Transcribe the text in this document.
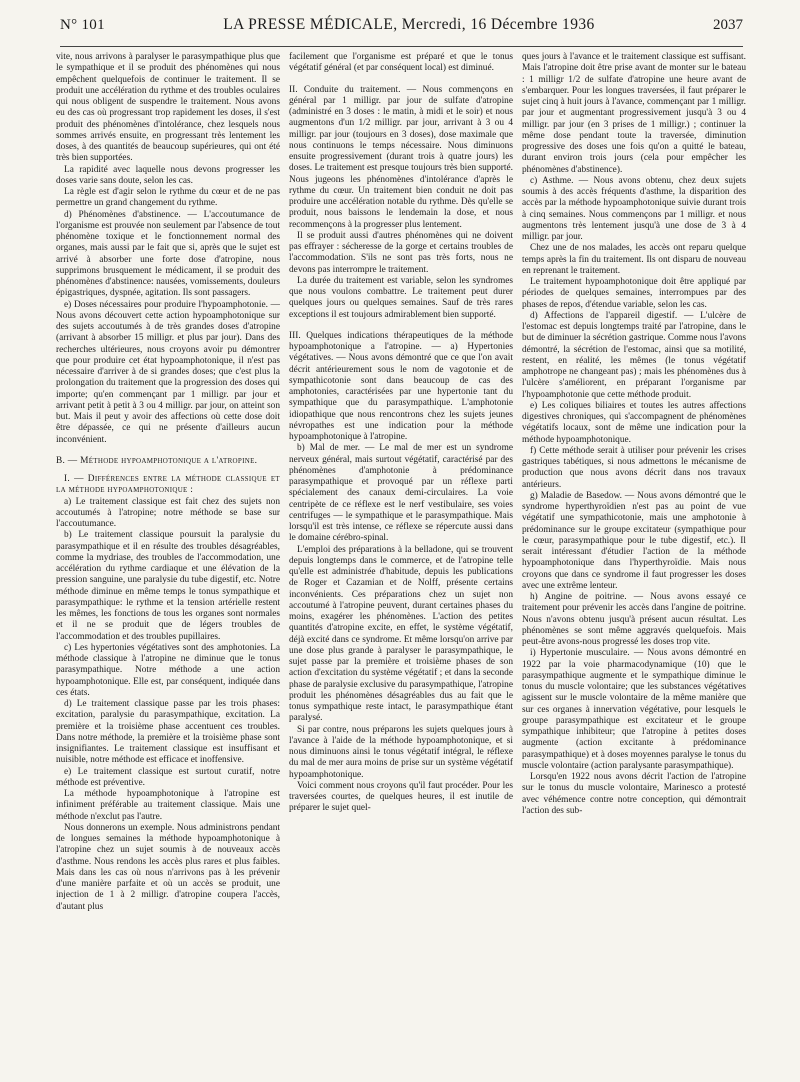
N° 101	LA PRESSE MÉDICALE, Mercredi, 16 Décembre 1936	2037

vite, nous arrivons à paralyser le parasympathique plus que le sympathique et il se produit des phénomènes qui nous empêchent quelquefois de continuer le traitement. Il se produit une accélération du rythme et des troubles oculaires qui nous obligent de suspendre le traitement. Nous avons eu des cas où progressant trop rapidement les doses, il s'est produit des phénomènes d'intolérance, chez lesquels nous sommes arrivés ensuite, en progressant très lentement les doses, à des quantités de beaucoup supérieures, qui ont été très bien supportées.

La rapidité avec laquelle nous devons progresser les doses varie sans doute, selon les cas.

La règle est d'agir selon le rythme du cœur et de ne pas permettre un grand changement du rythme.

d) Phénomènes d'abstinence. — L'accoutumance de l'organisme est prouvée non seulement par l'absence de tout phénomène toxique et le fonctionnement normal des organes, mais aussi par le fait que si, après que le sujet est arrivé à absorber une forte dose d'atropine, nous supprimons brusquement le médicament, il se produit des phénomènes d'abstinence: nausées, vomissements, douleurs épigastriques, dyspnée, agitation. Ils sont passagers.

e) Doses nécessaires pour produire l'hypoamphotonie. — Nous avons découvert cette action hypoamphotonique sur des sujets accoutumés à de très grandes doses d'atropine (arrivant à absorber 15 milligr. et plus par jour). Dans des recherches ultérieures, nous croyons avoir pu démontrer que pour produire cet état hypoamphotonique, il n'est pas nécessaire d'arriver à de si grandes doses; que c'est plus la prolongation du traitement que la progression des doses qui importe; qu'en commençant par 1 milligr. par jour et arrivant petit à petit à 3 ou 4 milligr. par jour, on atteint son but. Mais il peut y avoir des affections où cette dose doit être dépassée, ce qui ne présente d'ailleurs aucun inconvénient.

B. — Méthode hypoamphotonique a l'atropine.

I. — Différences entre la méthode classique et la méthode hypoamphotonique :

a) Le traitement classique est fait chez des sujets non accoutumés à l'atropine; notre méthode se base sur l'accoutumance.

b) Le traitement classique poursuit la paralysie du parasympathique et il en résulte des troubles désagréables, comme la mydriase, des troubles de l'accommodation, une accélération du rythme cardiaque et une élévation de la pression sanguine, une paralysie du tube digestif, etc. Notre méthode diminue en même temps le tonus sympathique et parasympathique: le rythme et la tension artérielle restent les mêmes, les fonctions de tous les organes sont normales et il ne se produit que de légers troubles de l'accommodation et des troubles pupillaires.

c) Les hypertonies végétatives sont des amphotonies. La méthode classique à l'atropine ne diminue que le tonus parasympathique. Notre méthode a une action hypoamphotonique. Elle est, par conséquent, indiquée dans ces états.

d) Le traitement classique passe par les trois phases: excitation, paralysie du parasympathique, excitation. La première et la troisième phase accentuent ces troubles. Dans notre méthode, la première et la troisième phase sont insignifiantes. Le traitement classique est insuffisant et nuisible, notre méthode est efficace et inoffensive.

e) Le traitement classique est surtout curatif, notre méthode est préventive.

La méthode hypoamphotonique à l'atropine est infiniment préférable au traitement classique. Mais une méthode n'exclut pas l'autre.

Nous donnerons un exemple. Nous administrons pendant de longues semaines la méthode hypoamphotonique à l'atropine chez un sujet soumis à de nouveaux accès d'asthme. Nous rendons les accès plus rares et plus faibles. Mais dans les cas où nous n'arrivons pas à les prévenir d'une manière parfaite et où un accès se produit, une injection de 1 à 2 milligr. d'atropine coupera l'accès, d'autant plus

facilement que l'organisme est préparé et que le tonus végétatif général (et par conséquent local) est diminué.

II. Conduite du traitement. — Nous commençons en général par 1 milligr. par jour de sulfate d'atropine (administré en 3 doses : le matin, à midi et le soir) et nous augmentons d'un 1/2 milligr. par jour, arrivant à 3 ou 4 milligr. par jour (toujours en 3 doses), dose maximale que nous continuons le temps nécessaire. Nous diminuons ensuite progressivement (durant trois à quatre jours) les doses. Le traitement est presque toujours très bien supporté. Nous jugeons les phénomènes d'intolérance d'après le rythme du cœur. Un traitement bien conduit ne doit pas produire une accélération notable du rythme. Dès qu'elle se produit, nous baissons le lendemain la dose, et nous recommençons à la progresser plus lentement.

Il se produit aussi d'autres phénomènes qui ne doivent pas effrayer : sécheresse de la gorge et certains troubles de l'accommodation. S'ils ne sont pas très forts, nous ne devons pas interrompre le traitement.

La durée du traitement est variable, selon les syndromes que nous voulons combattre. Le traitement peut durer quelques jours ou quelques semaines. Sauf de très rares exceptions il est toujours admirablement bien supporté.

III. Quelques indications thérapeutiques de la méthode hypoamphotonique a l'atropine. — a) Hypertonies végétatives. — Nous avons démontré que ce que l'on avait décrit antérieurement sous le nom de vagotonie et de sympathicotonie sont dans beaucoup de cas des amphotonies, caractérisées par une hypertonie tant du sympathique que du parasympathique. L'amphotonie idiopathique que nous rencontrons chez les sujets jeunes névropathes est une indication pour la méthode hypoamphotonique à l'atropine.

b) Mal de mer. — Le mal de mer est un syndrome nerveux général, mais surtout végétatif, caractérisé par des phénomènes d'amphotonie à prédominance parasympathique et provoqué par un réflexe parti spécialement des canaux demi-circulaires. La voie centripète de ce réflexe est le nerf vestibulaire, ses voies centrifuges — le sympathique et le parasympathique. Mais lorsqu'il est très intense, ce réflexe se répercute aussi dans le domaine cérébro-spinal.

L'emploi des préparations à la belladone, qui se trouvent depuis longtemps dans le commerce, et de l'atropine telle qu'elle est administrée d'habitude, depuis les publications de Roger et Cazamian et de Nolff, présente certains inconvénients. Ces préparations chez un sujet non accoutumé à l'atropine peuvent, durant certaines phases du moins, exagérer les phénomènes. L'action des petites quantités d'atropine excite, en effet, le système végétatif, déjà excité dans ce syndrome. Et même lorsqu'on arrive par une dose plus grande à paralyser le parasympathique, le sujet passe par la première et troisième phases de son action d'excitation du système végétatif ; et dans la seconde phase de paralysie exclusive du parasympathique, l'atropine produit les phénomènes désagréables dus au fait que le tonus sympathique reste intact, le parasympathique étant paralysé.

Si par contre, nous préparons les sujets quelques jours à l'avance à l'aide de la méthode hypoamphotonique, et si nous diminuons ainsi le tonus végétatif intégral, le réflexe du mal de mer aura moins de prise sur un système végétatif hypoamphotonique.

Voici comment nous croyons qu'il faut procéder. Pour les traversées courtes, de quelques heures, il est inutile de préparer le sujet quel-

ques jours à l'avance et le traitement classique est suffisant. Mais l'atropine doit être prise avant de monter sur le bateau : 1 milligr 1/2 de sulfate d'atropine une heure avant de s'embarquer. Pour les longues traversées, il faut préparer le sujet cinq à huit jours à l'avance, commençant par 1 milligr. par jour et augmentant progressivement jusqu'à 3 ou 4 milligr. par jour (en 3 prises de 1 milligr.) ; continuer la même dose pendant toute la traversée, diminution progressive des doses une fois qu'on a quitté le bateau, durant environ trois jours (cela pour empêcher les phénomènes d'abstinence).

c) Asthme. — Nous avons obtenu, chez deux sujets soumis à des accès fréquents d'asthme, la disparition des accès par la méthode hypoamphotonique suivie durant trois à cinq semaines. Nous commençons par 1 milligr. et nous augmentons très lentement jusqu'à une dose de 3 à 4 milligr. par jour.

Chez une de nos malades, les accès ont reparu quelque temps après la fin du traitement. Ils ont disparu de nouveau en reprenant le traitement.

Le traitement hypoamphotonique doit être appliqué par périodes de quelques semaines, interrompues par des phases de repos, d'étendue variable, selon les cas.

d) Affections de l'appareil digestif. — L'ulcère de l'estomac est depuis longtemps traité par l'atropine, dans le but de diminuer la sécrétion gastrique. Comme nous l'avons démontré, la sécrétion de l'estomac, ainsi que sa motilité, restent, en réalité, les mêmes (le tonus végétatif amphotrope ne changeant pas) ; mais les phénomènes dus à l'ulcère s'améliorent, en préparant l'organisme par l'hypoamphotonie que cette méthode produit.

e) Les coliques biliaires et toutes les autres affections digestives chroniques, qui s'accompagnent de phénomènes végétatifs locaux, sont de même une indication pour la méthode hypoamphotonique.

f) Cette méthode serait à utiliser pour prévenir les crises gastriques tabétiques, si nous admettons le mécanisme de production que nous avons décrit dans nos travaux antérieurs.

g) Maladie de Basedow. — Nous avons démontré que le syndrome hyperthyroïdien n'est pas au point de vue végétatif une sympathicotonie, mais une amphotonie à prédominance sur le groupe excitateur (sympathique pour le cœur, parasympathique pour le tube digestif, etc.). Il serait intéressant d'étudier l'action de la méthode hypoamphotonique dans l'hyperthyroïdie. Mais nous croyons que dans ce syndrome il faut progresser les doses avec une extrême lenteur.

h) Angine de poitrine. — Nous avons essayé ce traitement pour prévenir les accès dans l'angine de poitrine. Nous n'avons obtenu jusqu'à présent aucun résultat. Les phénomènes se sont même aggravés quelquefois. Mais peut-être avons-nous progressé les doses trop vite.

i) Hypertonie musculaire. — Nous avons démontré en 1922 par la voie pharmacodynamique (10) que le parasympathique augmente et le sympathique diminue le tonus du muscle volontaire; que les substances végétatives agissent sur le muscle volontaire de la même manière que sur ces organes à innervation végétative, pour lesquels le groupe parasympathique est excitateur et le groupe sympathique inhibiteur; que l'atropine à petites doses augmente (action excitante à prédominance parasympathique) et à doses moyennes paralyse le tonus du muscle volontaire (action paralysante parasympathique).

Lorsqu'en 1922 nous avons décrit l'action de l'atropine sur le tonus du muscle volontaire, Marinesco a protesté avec véhémence contre notre conception, qui démontrait l'action des sub-
